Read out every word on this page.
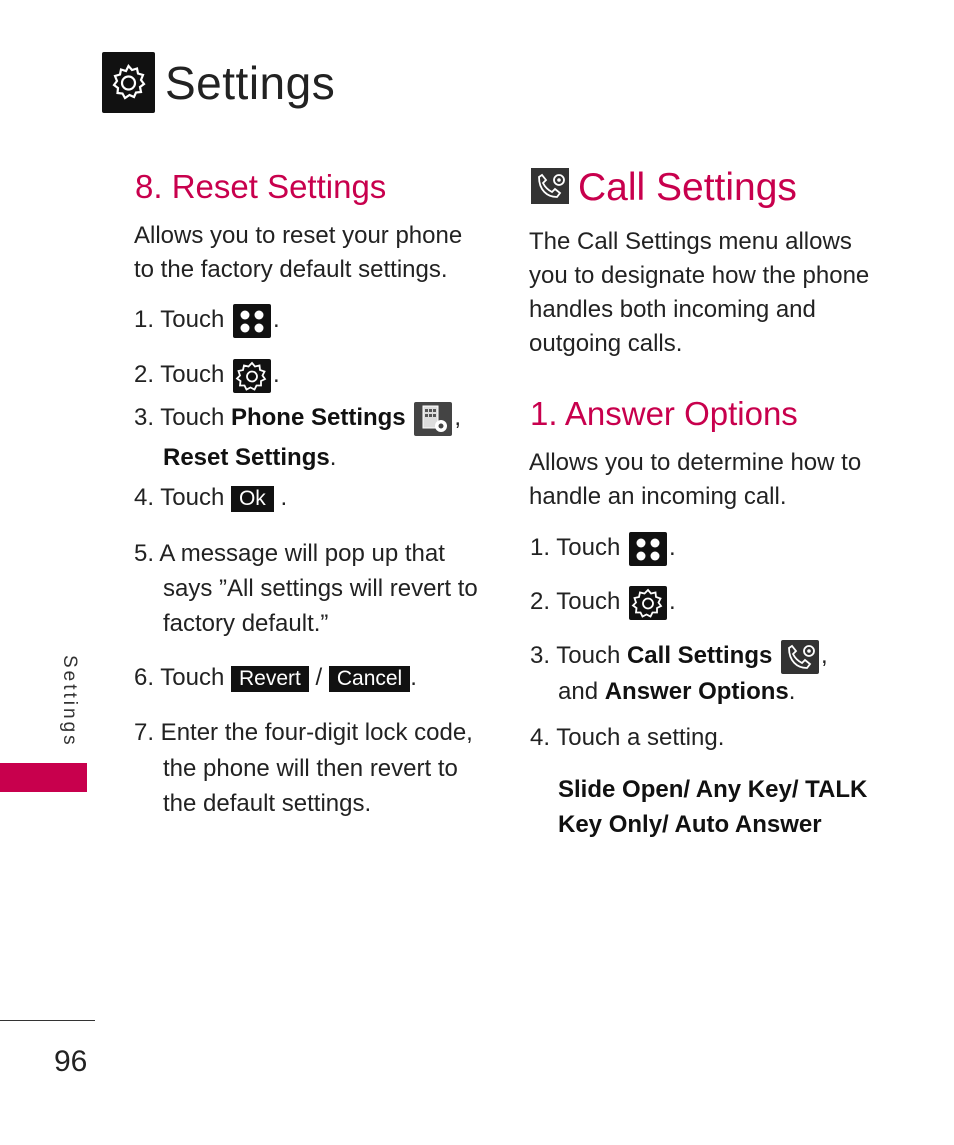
Settings
8. Reset Settings
Allows you to reset your phone to the factory default settings.
1. Touch .
2. Touch .
3. Touch Phone Settings ,
Reset Settings.
4. Touch Ok .
5. A message will pop up that
says ”All settings will revert to
factory default.”
6. Touch Revert / Cancel .
7. Enter the four-digit lock code,
the phone will then revert to
the default settings.
Call Settings
The Call Settings menu allows you to designate how the phone handles both incoming and outgoing calls.
1. Answer Options
Allows you to determine how to handle an incoming call.
1. Touch .
2. Touch .
3. Touch Call Settings ,
and Answer Options.
4. Touch a setting.
Slide Open/ Any Key/ TALK
Key Only/ Auto Answer
Settings
96
